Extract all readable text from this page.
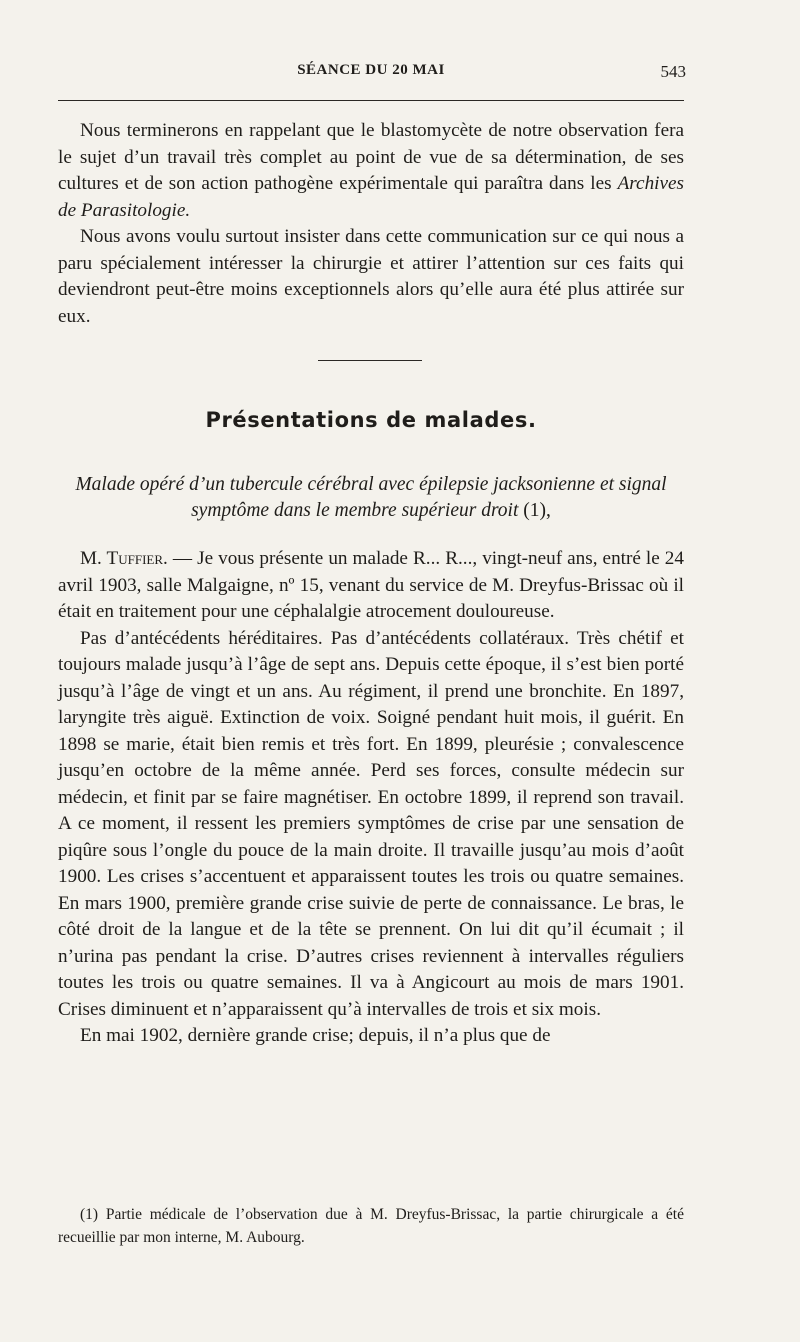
SÉANCE DU 20 MAI	543

Nous terminerons en rappelant que le blastomycète de notre observation fera le sujet d’un travail très complet au point de vue de sa détermination, de ses cultures et de son action pathogène expérimentale qui paraîtra dans les Archives de Parasitologie.

Nous avons voulu surtout insister dans cette communication sur ce qui nous a paru spécialement intéresser la chirurgie et attirer l’attention sur ces faits qui deviendront peut-être moins exceptionnels alors qu’elle aura été plus attirée sur eux.

Présentations de malades.
Malade opéré d’un tubercule cérébral avec épilepsie jacksonienne et signal symptôme dans le membre supérieur droit (1),

M. Tuffier. — Je vous présente un malade R... R..., vingt-neuf ans, entré le 24 avril 1903, salle Malgaigne, nº 15, venant du service de M. Dreyfus-Brissac où il était en traitement pour une céphalalgie atrocement douloureuse.

Pas d’antécédents héréditaires. Pas d’antécédents collatéraux. Très chétif et toujours malade jusqu’à l’âge de sept ans. Depuis cette époque, il s’est bien porté jusqu’à l’âge de vingt et un ans. Au régiment, il prend une bronchite. En 1897, laryngite très aiguë. Extinction de voix. Soigné pendant huit mois, il guérit. En 1898 se marie, était bien remis et très fort. En 1899, pleurésie ; convalescence jusqu’en octobre de la même année. Perd ses forces, consulte médecin sur médecin, et finit par se faire magnétiser. En octobre 1899, il reprend son travail. A ce moment, il ressent les premiers symptômes de crise par une sensation de piqûre sous l’ongle du pouce de la main droite. Il travaille jusqu’au mois d’août 1900. Les crises s’accentuent et apparaissent toutes les trois ou quatre semaines. En mars 1900, première grande crise suivie de perte de connaissance. Le bras, le côté droit de la langue et de la tête se prennent. On lui dit qu’il écumait ; il n’urina pas pendant la crise. D’autres crises reviennent à intervalles réguliers toutes les trois ou quatre semaines. Il va à Angicourt au mois de mars 1901. Crises diminuent et n’apparaissent qu’à intervalles de trois et six mois.

En mai 1902, dernière grande crise; depuis, il n’a plus que de

(1) Partie médicale de l’observation due à M. Dreyfus-Brissac, la partie chirurgicale a été recueillie par mon interne, M. Aubourg.
